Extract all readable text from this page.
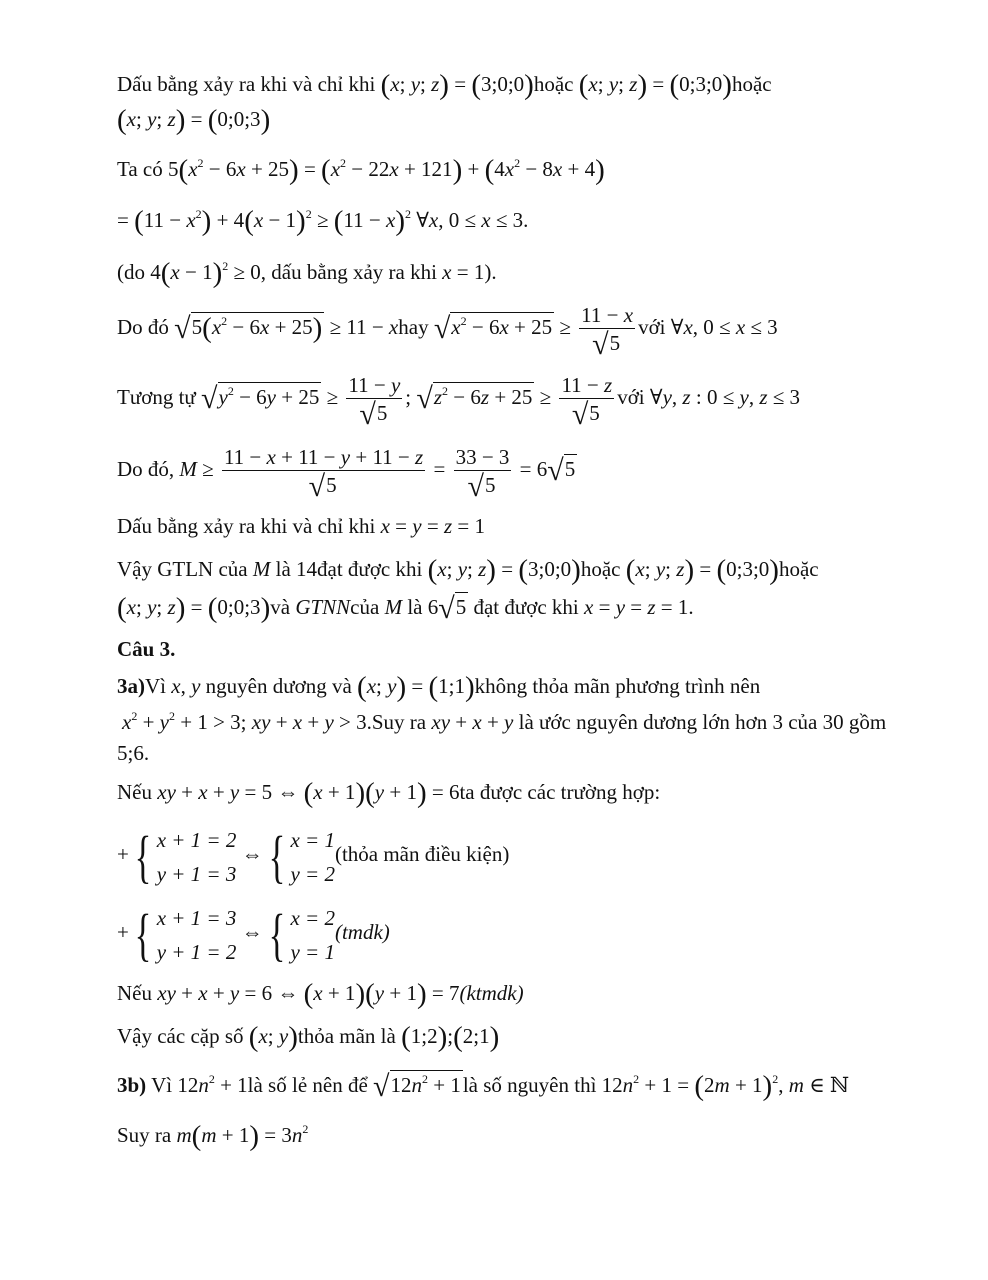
Dấu bằng xảy ra khi và chỉ khi (x; y; z) = (3;0;0)hoặc (x; y; z) = (0;3;0)hoặc
(x; y; z) = (0;0;3)
Ta có $5(x^2 - 6x + 25) = (x^2 - 22x + 121) + (4x^2 - 8x + 4)$
= $(11 - x^2) + 4(x - 1)^2 \ge (11 - x)^2$ ∀x, 0 ≤ x ≤ 3.
(do $4(x - 1)^2 \ge 0$, dấu bằng xảy ra khi x = 1).
Do đó $√5(x^2 - 6x + 25) \ge 11$ − xhay $√x^2 - 6x + 25 \ge \frac{11 - x}{√5}$ với ∀x, 0 ≤ x ≤ 3
Tương tự $√y^2 - 6y + 25 \ge \frac{11 - y}{√5}$ ; $√z^2 - 6z + 25 \ge \frac{11 - z}{√5}$ với ∀y, z : 0 ≤ y, z ≤ 3
Do đó, $M \ge \frac{11 - x + 11 - y + 11 - z}{√5} = \frac{33 - 3}{√5} = 6√5$
Dấu bằng xảy ra khi và chỉ khi x = y = z = 1
Vậy GTLN của M là 14đạt được khi (x; y; z) = (3;0;0)hoặc (x; y; z) = (0;3;0)hoặc
(x; y; z) = (0;0;3)và GTNNcủa M là 6√5 đạt được khi x = y = z = 1.
Câu 3.
3a)Vì x, y nguyên dương và (x; y) = (1;1)không thỏa mãn phương trình nên
$x^2 + y^2 + 1 > 3$; xy + x + y > 3.Suy ra xy + x + y là ước nguyên dương lớn hơn 3 của 30 gồm
5;6.
Nếu xy + x + y = 5 ⇔ (x + 1)(y + 1) = 6ta được các trường hợp:
+{ x + 1 = 2
y + 1 = 3
⇔{ x = 1
y = 2
(thỏa mãn điều kiện)
+{ x + 1 = 3
y + 1 = 2
⇔{ x = 2
y = 1
(tmdk)
Nếu xy + x + y = 6 ⇔ (x + 1)(y + 1) = 7(ktmdk)
Vậy các cặp số (x; y)thỏa mãn là (1;2);(2;1)
3b) Vì $12n^2$ + 1là số lẻ nên để $√12n^2$ + 1là số nguyên thì $12n^2 + 1 = (2m + 1)^2$, m ∈ ℕ
Suy ra $m(m + 1) = 3n^2$
